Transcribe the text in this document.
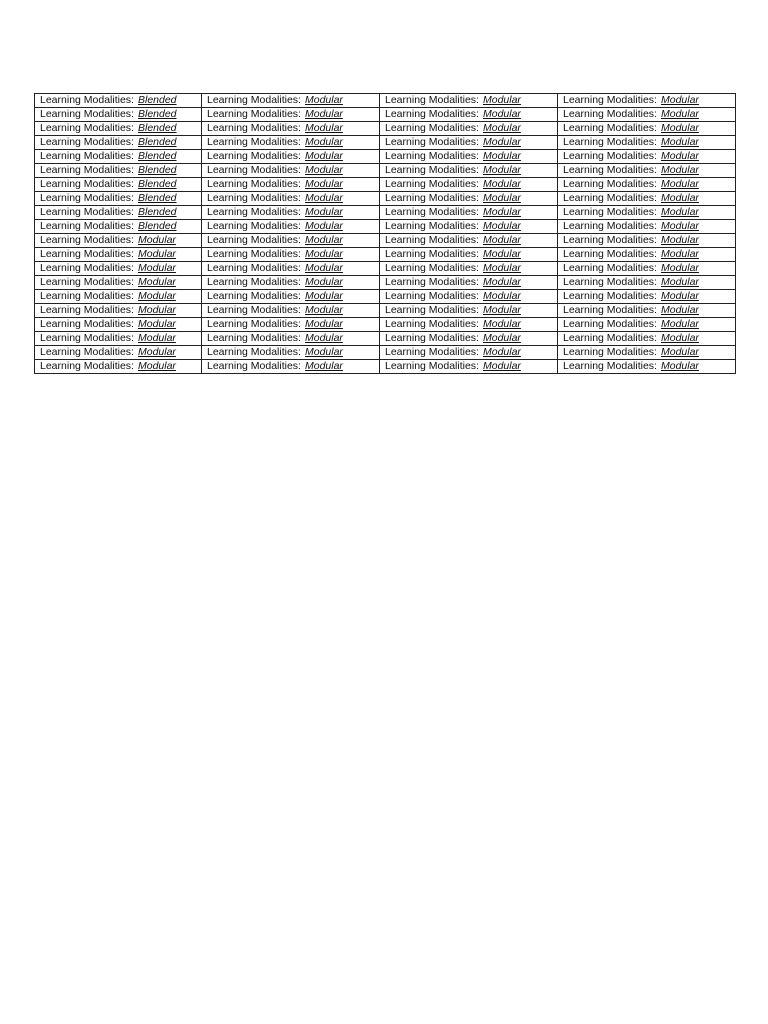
Learning Modalities: Blended	Learning Modalities: Modular	Learning Modalities: Modular	Learning Modalities: Modular
Learning Modalities: Blended	Learning Modalities: Modular	Learning Modalities: Modular	Learning Modalities: Modular
Learning Modalities: Blended	Learning Modalities: Modular	Learning Modalities: Modular	Learning Modalities: Modular
Learning Modalities: Blended	Learning Modalities: Modular	Learning Modalities: Modular	Learning Modalities: Modular
Learning Modalities: Blended	Learning Modalities: Modular	Learning Modalities: Modular	Learning Modalities: Modular
Learning Modalities: Blended	Learning Modalities: Modular	Learning Modalities: Modular	Learning Modalities: Modular
Learning Modalities: Blended	Learning Modalities: Modular	Learning Modalities: Modular	Learning Modalities: Modular
Learning Modalities: Blended	Learning Modalities: Modular	Learning Modalities: Modular	Learning Modalities: Modular
Learning Modalities: Blended	Learning Modalities: Modular	Learning Modalities: Modular	Learning Modalities: Modular
Learning Modalities: Blended	Learning Modalities: Modular	Learning Modalities: Modular	Learning Modalities: Modular
Learning Modalities: Modular	Learning Modalities: Modular	Learning Modalities: Modular	Learning Modalities: Modular
Learning Modalities: Modular	Learning Modalities: Modular	Learning Modalities: Modular	Learning Modalities: Modular
Learning Modalities: Modular	Learning Modalities: Modular	Learning Modalities: Modular	Learning Modalities: Modular
Learning Modalities: Modular	Learning Modalities: Modular	Learning Modalities: Modular	Learning Modalities: Modular
Learning Modalities: Modular	Learning Modalities: Modular	Learning Modalities: Modular	Learning Modalities: Modular
Learning Modalities: Modular	Learning Modalities: Modular	Learning Modalities: Modular	Learning Modalities: Modular
Learning Modalities: Modular	Learning Modalities: Modular	Learning Modalities: Modular	Learning Modalities: Modular
Learning Modalities: Modular	Learning Modalities: Modular	Learning Modalities: Modular	Learning Modalities: Modular
Learning Modalities: Modular	Learning Modalities: Modular	Learning Modalities: Modular	Learning Modalities: Modular
Learning Modalities: Modular	Learning Modalities: Modular	Learning Modalities: Modular	Learning Modalities: Modular
